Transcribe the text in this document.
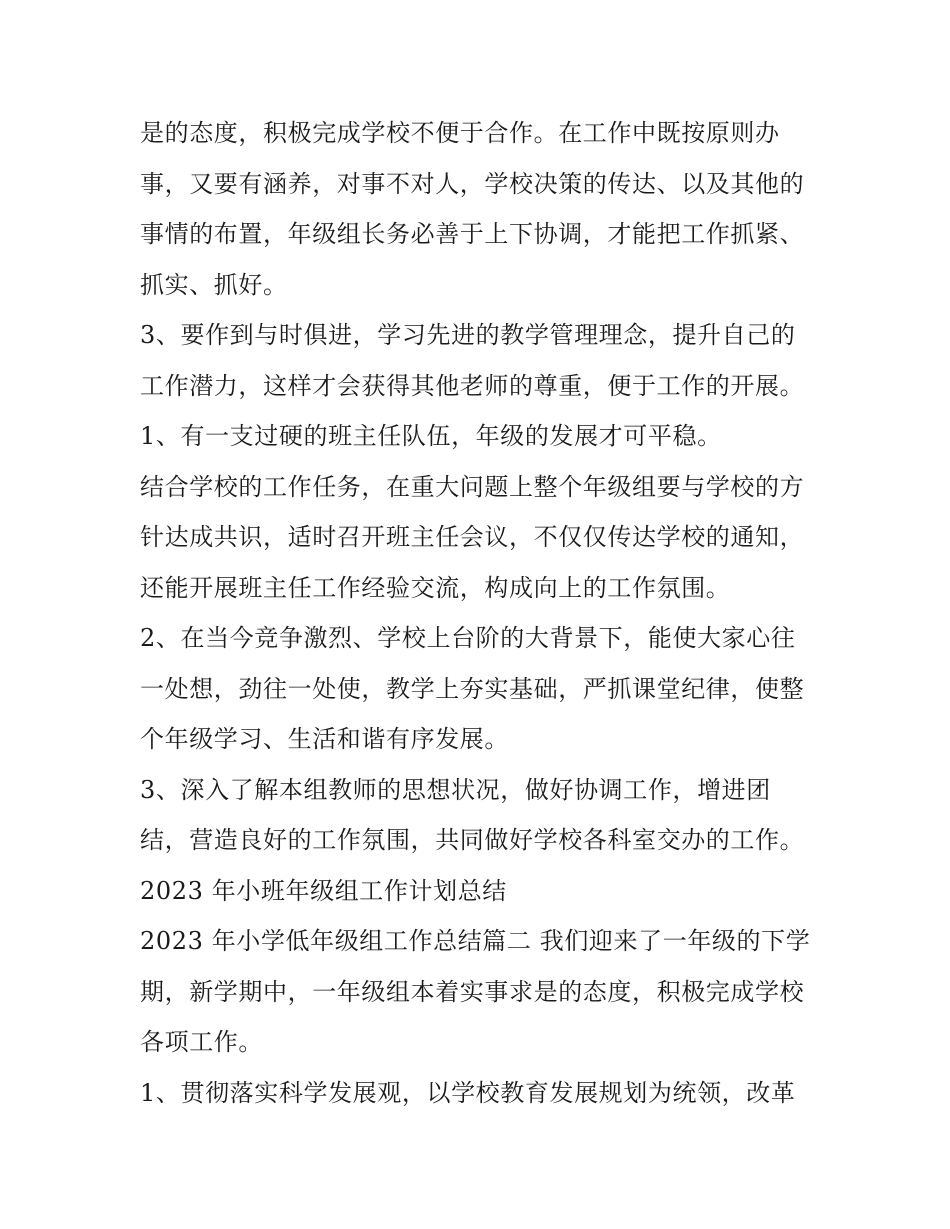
是的态度，积极完成学校不便于合作。在工作中既按原则办
事，又要有涵养，对事不对人，学校决策的传达、以及其他的
事情的布置，年级组长务必善于上下协调，才能把工作抓紧、
抓实、抓好。
3、要作到与时俱进，学习先进的教学管理理念，提升自己的
工作潜力，这样才会获得其他老师的尊重，便于工作的开展。
1、有一支过硬的班主任队伍，年级的发展才可平稳。
结合学校的工作任务，在重大问题上整个年级组要与学校的方
针达成共识，适时召开班主任会议，不仅仅传达学校的通知，
还能开展班主任工作经验交流，构成向上的工作氛围。
2、在当今竞争激烈、学校上台阶的大背景下，能使大家心往
一处想，劲往一处使，教学上夯实基础，严抓课堂纪律，使整
个年级学习、生活和谐有序发展。
3、深入了解本组教师的思想状况，做好协调工作，增进团
结，营造良好的工作氛围，共同做好学校各科室交办的工作。
2023 年小班年级组工作计划总结
2023 年小学低年级组工作总结篇二 我们迎来了一年级的下学
期，新学期中，一年级组本着实事求是的态度，积极完成学校
各项工作。
1、贯彻落实科学发展观，以学校教育发展规划为统领，改革
